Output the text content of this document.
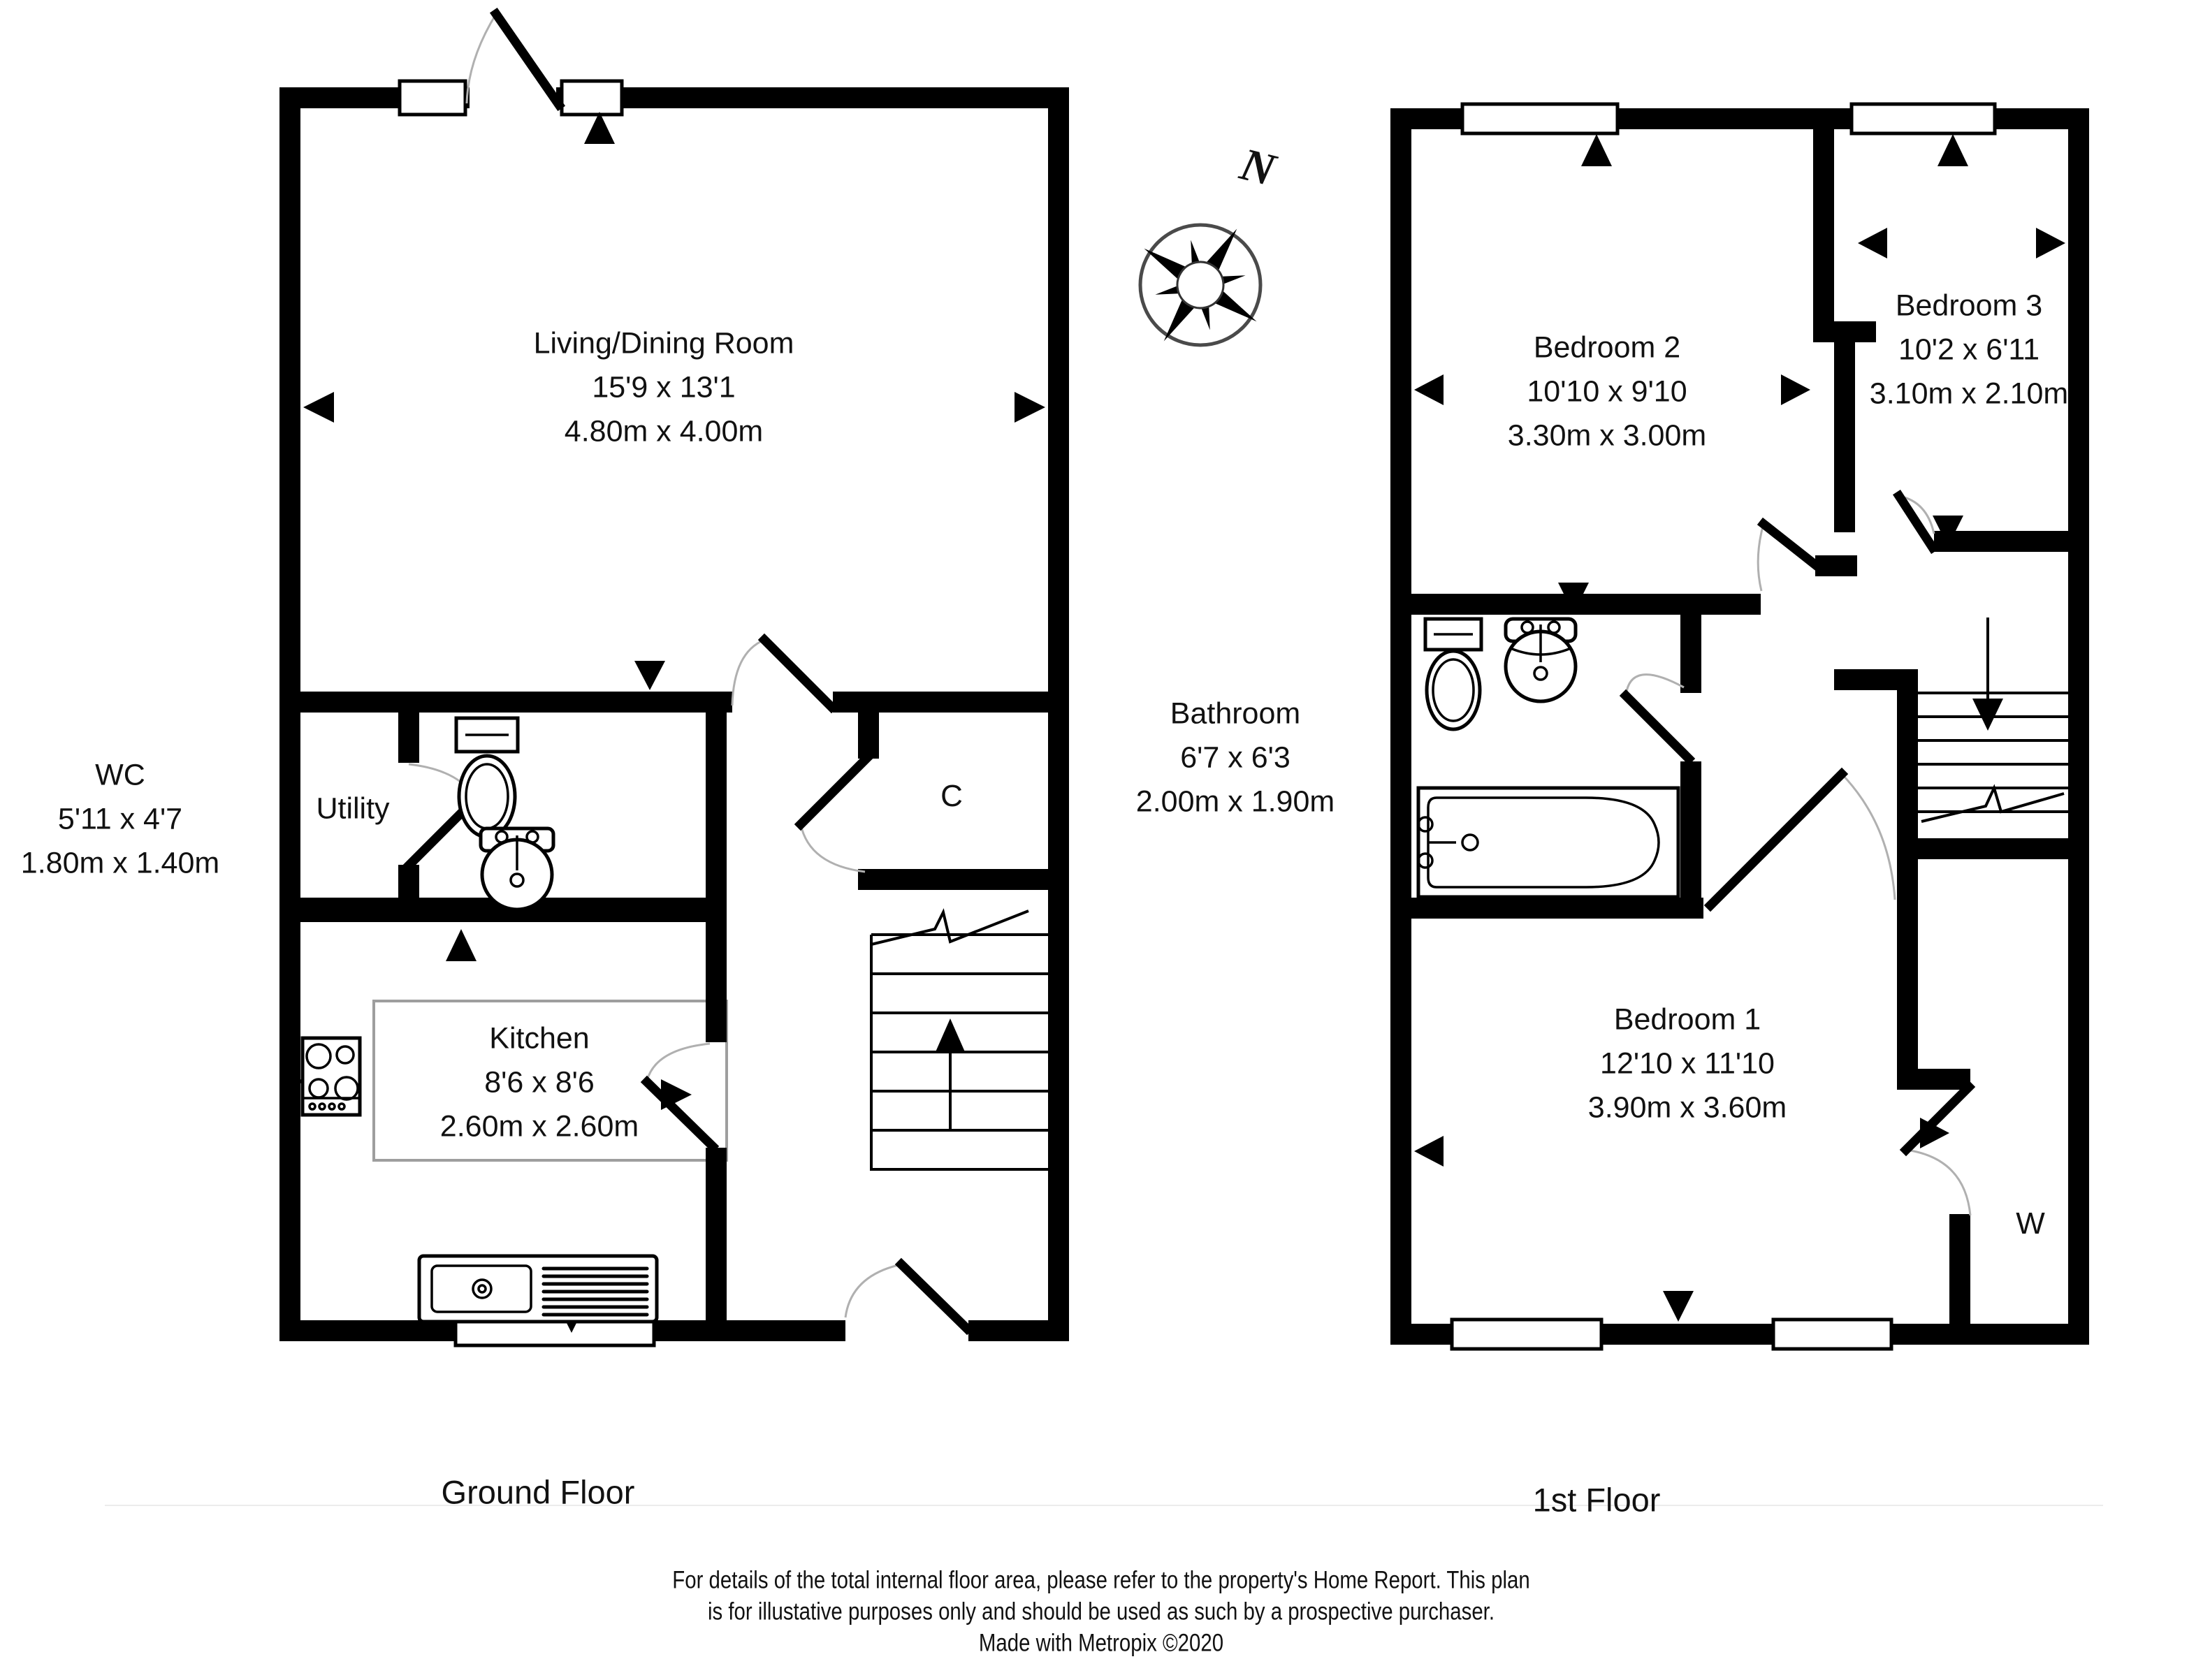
Living/Dining Room
15'9 x 13'1
4.80m x 4.00m
WC
5'11 x 4'7
1.80m x 1.40m
Utility
Kitchen
8'6 x 8'6
2.60m x 2.60m
C
Bedroom 2
10'10 x 9'10
3.30m x 3.00m
Bedroom 3
10'2 x 6'11
3.10m x 2.10m
Bathroom
6'7 x 6'3
2.00m x 1.90m
Bedroom 1
12'10 x 11'10
3.90m x 3.60m
W
N
Ground Floor	1st Floor
For details of the total internal floor area, please refer to the property's Home Report. This plan
is for illustative purposes only and should be used as such by a prospective purchaser.
Made with Metropix ©2020
